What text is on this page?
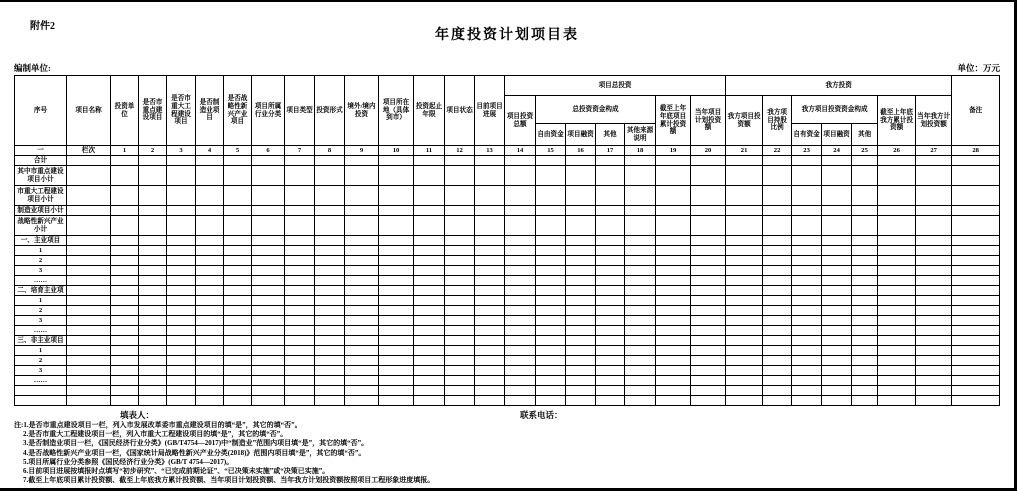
附件2
年度投资计划项目表
编制单位:	单位：万元
序号	项目名称	投资单位	是否市重点建设项目	是否市重大工程建设项目	是否制造业项目	是否战略性新兴产业项目	项目所属行业分类	项目类型	投资形式	境外/境内投资	项目所在地（具体到市）	投资起止年限	项目状态	目前项目进展	项目总投资							我方投资							备注
															项目投资总额	总投资资金构成				截至上年年底项目累计投资额	当年项目计划投资额	我方项目投资额	我方项目持股比例	我方项目投资资金构成			截至上年底我方累计投资额	当年我方计划投资额	
																自由资金	项目融资	其他	其他来源说明					自有资金	项目融资	其他			
一	栏次	1	2	3	4	5	6	7	8	9	10	11	12	13	14	15	16	17	18	19	20	21	22	23	24	25	26	27	28
合计																													
其中市重点建设项目小计																													
市重大工程建设项目小计																													
制造业项目小计																													
战略性新兴产业小计																													
一、主业项目																													
1																													
2																													
3																													
……																													
二、培育主业项																													
1																													
2																													
3																													
……																													
三、非主业项目																													
1																													
2																													
3																													
……																													

填表人：	联系电话：
注:1.是否市重点建设项目一栏，列入市发展改革委市重点建设项目的填“是”，其它的填“否”。
2.是否市重大工程建设项目一栏，列入市重大工程建设项目的填“是”，其它的填“否”。
3.是否制造业项目一栏，《国民经济行业分类》(GB/T4754—2017)中“制造业”范围内项目填“是”，其它的填“否”。
4.是否战略性新兴产业项目一栏，《国家统计局战略性新兴产业分类(2018)》范围内项目填“是”，其它的填“否”。
5.项目所属行业分类参照《国民经济行业分类》(GB/T 4754—2017)。
6.目前项目进展按填报时点填写“初步研究”、“已完成前期论证”、“已决策未实施”或“决策已实施”。
7.截至上年底项目累计投资额、截至上年底我方累计投资额、当年项目计划投资额、当年我方计划投资额按照项目工程形象进度填报。
